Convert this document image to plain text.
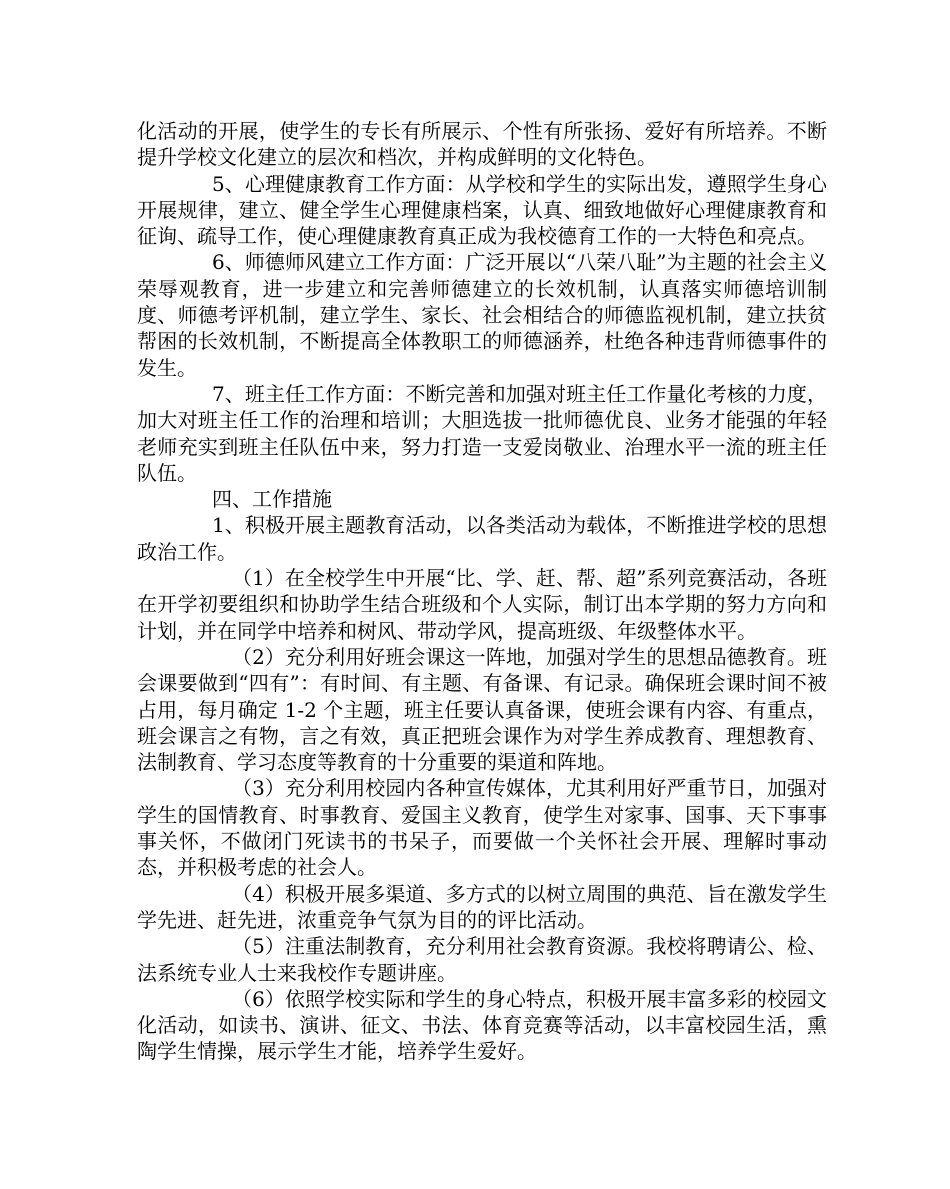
化活动的开展，使学生的专长有所展示、个性有所张扬、爱好有所培养。不断提升学校文化建立的层次和档次，并构成鲜明的文化特色。

5、心理健康教育工作方面：从学校和学生的实际出发，遵照学生身心开展规律，建立、健全学生心理健康档案，认真、细致地做好心理健康教育和征询、疏导工作，使心理健康教育真正成为我校德育工作的一大特色和亮点。

6、师德师风建立工作方面：广泛开展以“八荣八耻”为主题的社会主义荣辱观教育，进一步建立和完善师德建立的长效机制，认真落实师德培训制度、师德考评机制，建立学生、家长、社会相结合的师德监视机制，建立扶贫帮困的长效机制，不断提高全体教职工的师德涵养，杜绝各种违背师德事件的发生。

7、班主任工作方面：不断完善和加强对班主任工作量化考核的力度，加大对班主任工作的治理和培训；大胆选拔一批师德优良、业务才能强的年轻老师充实到班主任队伍中来，努力打造一支爱岗敬业、治理水平一流的班主任队伍。

四、工作措施

1、积极开展主题教育活动，以各类活动为载体，不断推进学校的思想政治工作。

（1）在全校学生中开展“比、学、赶、帮、超”系列竞赛活动，各班在开学初要组织和协助学生结合班级和个人实际，制订出本学期的努力方向和计划，并在同学中培养和树风、带动学风，提高班级、年级整体水平。

（2）充分利用好班会课这一阵地，加强对学生的思想品德教育。班会课要做到“四有”：有时间、有主题、有备课、有记录。确保班会课时间不被占用，每月确定 1-2 个主题，班主任要认真备课，使班会课有内容、有重点，班会课言之有物，言之有效，真正把班会课作为对学生养成教育、理想教育、法制教育、学习态度等教育的十分重要的渠道和阵地。

（3）充分利用校园内各种宣传媒体，尤其利用好严重节日，加强对学生的国情教育、时事教育、爱国主义教育，使学生对家事、国事、天下事事事关怀，不做闭门死读书的书呆子，而要做一个关怀社会开展、理解时事动态，并积极考虑的社会人。

（4）积极开展多渠道、多方式的以树立周围的典范、旨在激发学生学先进、赶先进，浓重竞争气氛为目的的评比活动。

（5）注重法制教育，充分利用社会教育资源。我校将聘请公、检、法系统专业人士来我校作专题讲座。

（6）依照学校实际和学生的身心特点，积极开展丰富多彩的校园文化活动，如读书、演讲、征文、书法、体育竞赛等活动，以丰富校园生活，熏陶学生情操，展示学生才能，培养学生爱好。
